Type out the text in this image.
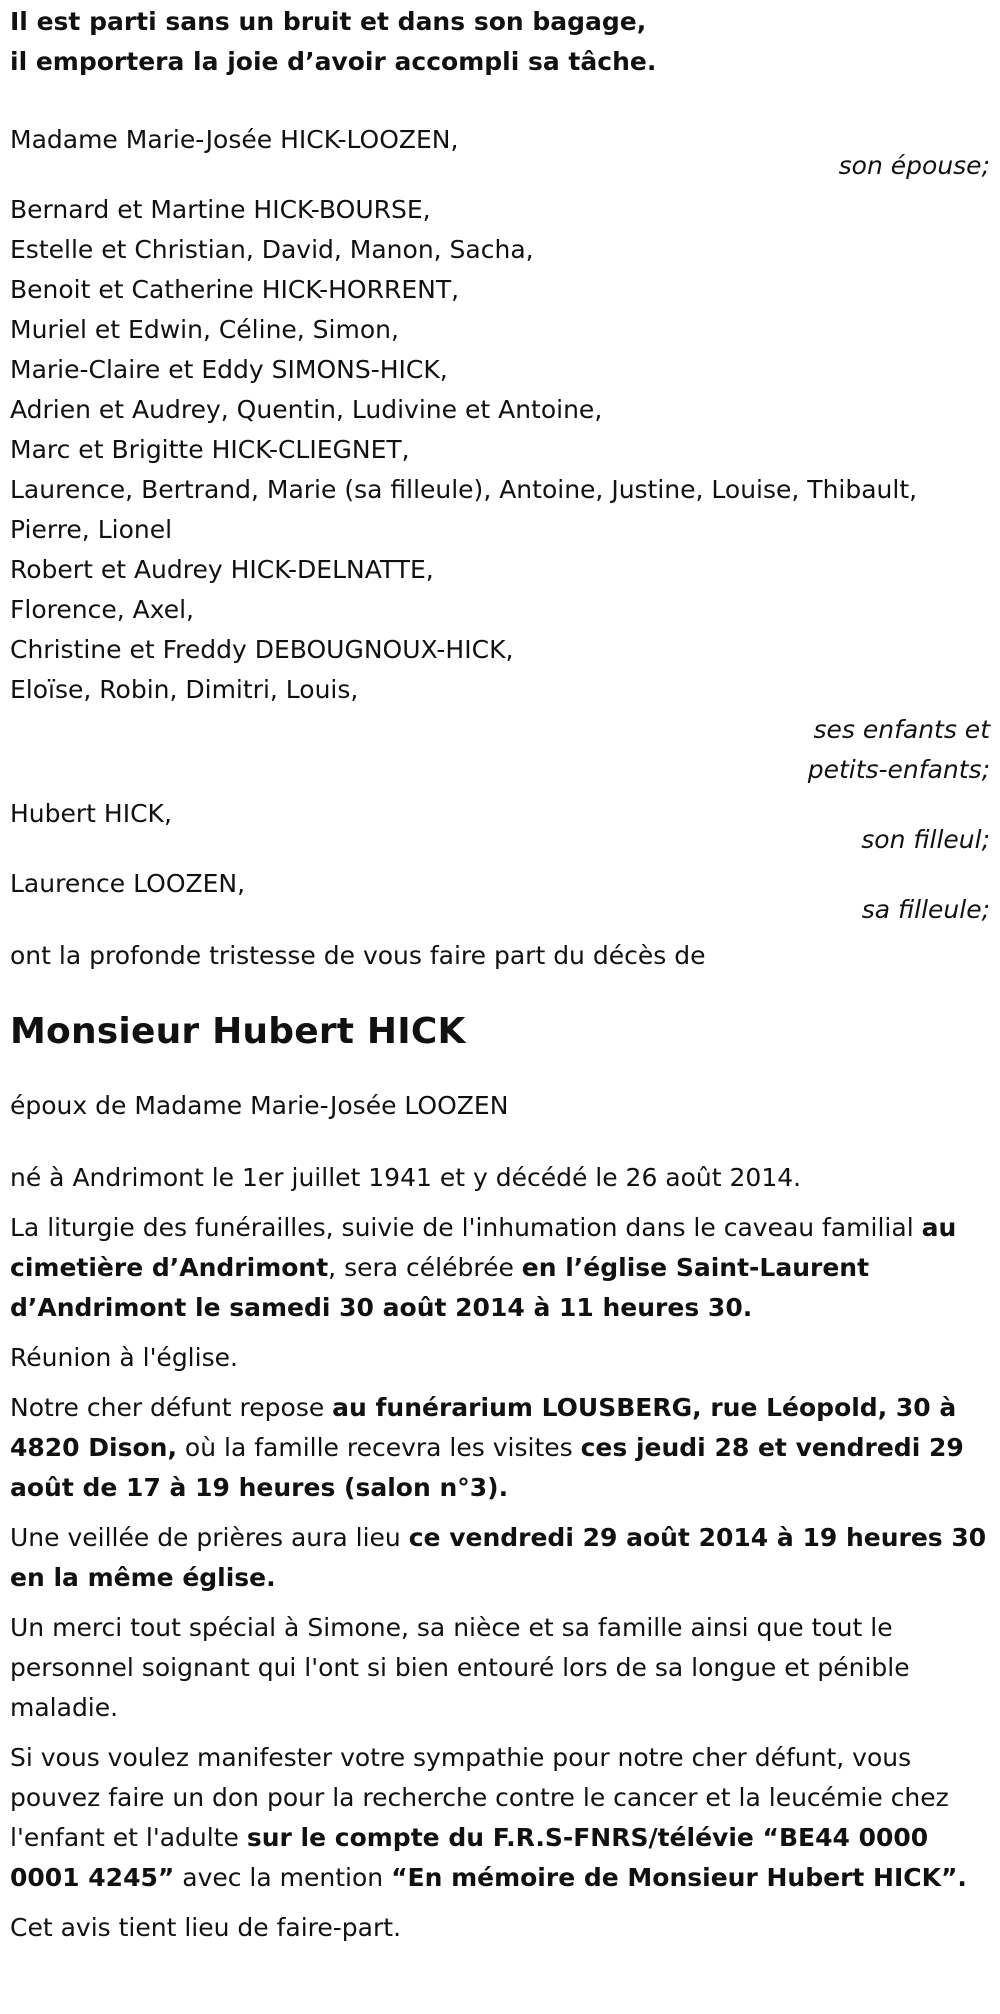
Il est parti sans un bruit et dans son bagage,
il emportera la joie d’avoir accompli sa tâche.
Madame Marie-Josée HICK-LOOZEN,
son épouse;
Bernard et Martine HICK-BOURSE,
Estelle et Christian, David, Manon, Sacha,
Benoit et Catherine HICK-HORRENT,
Muriel et Edwin, Céline, Simon,
Marie-Claire et Eddy SIMONS-HICK,
Adrien et Audrey, Quentin, Ludivine et Antoine,
Marc et Brigitte HICK-CLIEGNET,
Laurence, Bertrand, Marie (sa filleule), Antoine, Justine, Louise, Thibault,
Pierre, Lionel
Robert et Audrey HICK-DELNATTE,
Florence, Axel,
Christine et Freddy DEBOUGNOUX-HICK,
Eloïse, Robin, Dimitri, Louis,
ses enfants et
petits-enfants;
Hubert HICK,
son filleul;
Laurence LOOZEN,
sa filleule;
ont la profonde tristesse de vous faire part du décès de
Monsieur Hubert HICK
époux de Madame Marie-Josée LOOZEN
né à Andrimont le 1er juillet 1941 et y décédé le 26 août 2014.

La liturgie des funérailles, suivie de l'inhumation dans le caveau familial au cimetière d’Andrimont, sera célébrée en l’église Saint-Laurent d’Andrimont le samedi 30 août 2014 à 11 heures 30.

Réunion à l'église.

Notre cher défunt repose au funérarium LOUSBERG, rue Léopold, 30 à 4820 Dison, où la famille recevra les visites ces jeudi 28 et vendredi 29 août de 17 à 19 heures (salon n°3).

Une veillée de prières aura lieu ce vendredi 29 août 2014 à 19 heures 30 en la même église.

Un merci tout spécial à Simone, sa nièce et sa famille ainsi que tout le personnel soignant qui l'ont si bien entouré lors de sa longue et pénible maladie.

Si vous voulez manifester votre sympathie pour notre cher défunt, vous pouvez faire un don pour la recherche contre le cancer et la leucémie chez l'enfant et l'adulte sur le compte du F.R.S-FNRS/télévie “BE44 0000 0001 4245” avec la mention “En mémoire de Monsieur Hubert HICK”.

Cet avis tient lieu de faire-part.
